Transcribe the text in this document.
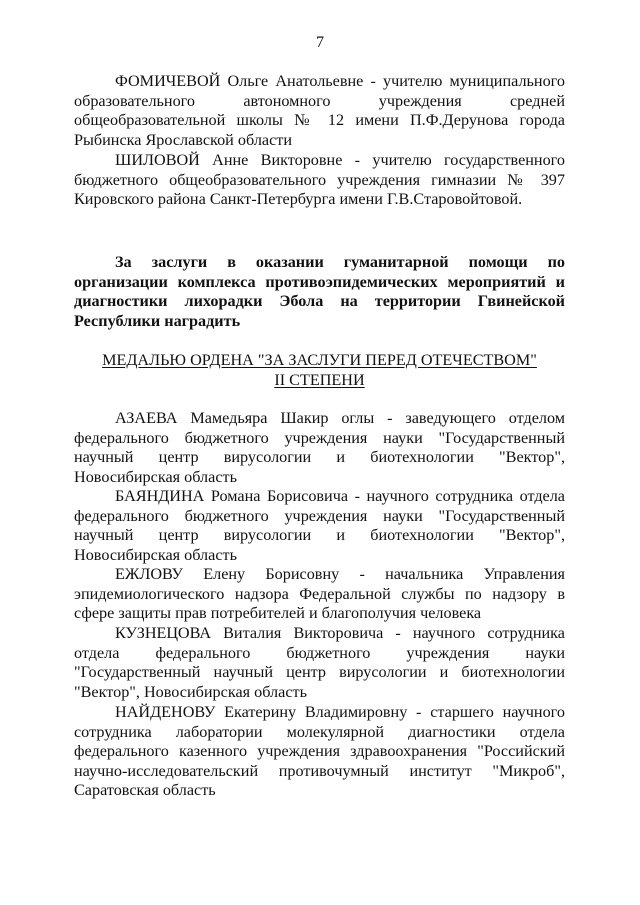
7

ФОМИЧЕВОЙ Ольге Анатольевне - учителю муниципального образовательного автономного учреждения средней общеобразовательной школы № 12 имени П.Ф.Дерунова города Рыбинска Ярославской области

ШИЛОВОЙ Анне Викторовне - учителю государственного бюджетного общеобразовательного учреждения гимназии № 397 Кировского района Санкт-Петербурга имени Г.В.Старовойтовой.

За заслуги в оказании гуманитарной помощи по организации комплекса противоэпидемических мероприятий и диагностики лихорадки Эбола на территории Гвинейской Республики наградить

МЕДАЛЬЮ ОРДЕНА "ЗА ЗАСЛУГИ ПЕРЕД ОТЕЧЕСТВОМ"
II СТЕПЕНИ

АЗАЕВА Мамедьяра Шакир оглы - заведующего отделом федерального бюджетного учреждения науки "Государственный научный центр вирусологии и биотехнологии "Вектор", Новосибирская область

БАЯНДИНА Романа Борисовича - научного сотрудника отдела федерального бюджетного учреждения науки "Государственный научный центр вирусологии и биотехнологии "Вектор", Новосибирская область

ЕЖЛОВУ Елену Борисовну - начальника Управления эпидемиологического надзора Федеральной службы по надзору в сфере защиты прав потребителей и благополучия человека

КУЗНЕЦОВА Виталия Викторовича - научного сотрудника отдела федерального бюджетного учреждения науки "Государственный научный центр вирусологии и биотехнологии "Вектор", Новосибирская область

НАЙДЕНОВУ Екатерину Владимировну - старшего научного сотрудника лаборатории молекулярной диагностики отдела федерального казенного учреждения здравоохранения "Российский научно-исследовательский противочумный институт "Микроб", Саратовская область
